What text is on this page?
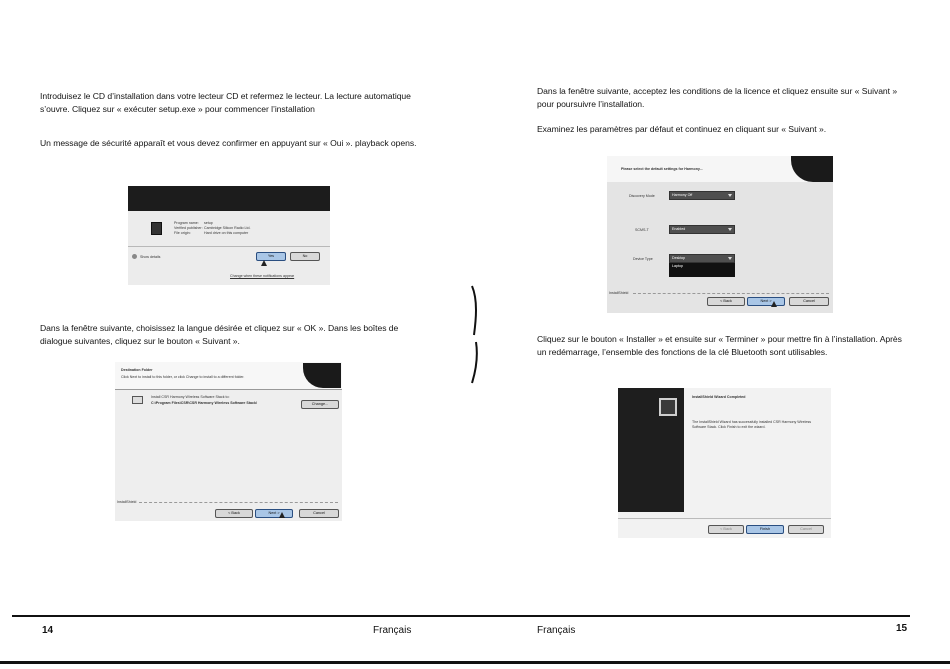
Introduisez le CD d’installation dans votre lecteur CD et refermez le lecteur. La lecture automatique s’ouvre. Cliquez sur « exécuter setup.exe » pour commencer l’installation

Un message de sécurité apparaît et vous devez confirmer en appuyant sur « Oui ». playback opens.

Dans la fenêtre suivante, choisissez la langue désirée et cliquez sur « OK ». Dans les boîtes de dialogue suivantes, cliquez sur le bouton « Suivant ».

Program name: setup
Verified publisher: Cambridge Silicon Radio Ltd.
File origin:	Hard drive on this computer
Show details	Yes	No
Change when these notifications appear
Destination Folder
Click Next to install to this folder, or click Change to install to a different folder.
Install CSR Harmony Wireless Software Stack to:
C:\Program Files\CSR\CSR Harmony Wireless Software Stack\	Change...
InstallShield
< Back	Next >	Cancel

Dans la fenêtre suivante, acceptez les conditions de la licence et cliquez ensuite sur « Suivant » pour poursuivre l’installation.

Examinez les paramètres par défaut et continuez en cliquant sur « Suivant ».

Cliquez sur le bouton « Installer » et ensuite sur « Terminer » pour mettre fin à l’installation. Après un redémarrage, l’ensemble des fonctions de la clé Bluetooth sont utilisables.

Please select the default settings for Harmony...
Discovery Mode	Harmony Off
SCMS-T	Enabled
Device Type	Desktop
Laptop
InstallShield
< Back	Next >	Cancel
InstallShield Wizard Completed
The InstallShield Wizard has successfully installed CSR Harmony Wireless Software Stack. Click Finish to exit the wizard.
< Back	Finish	Cancel
14	Français	Français	15
